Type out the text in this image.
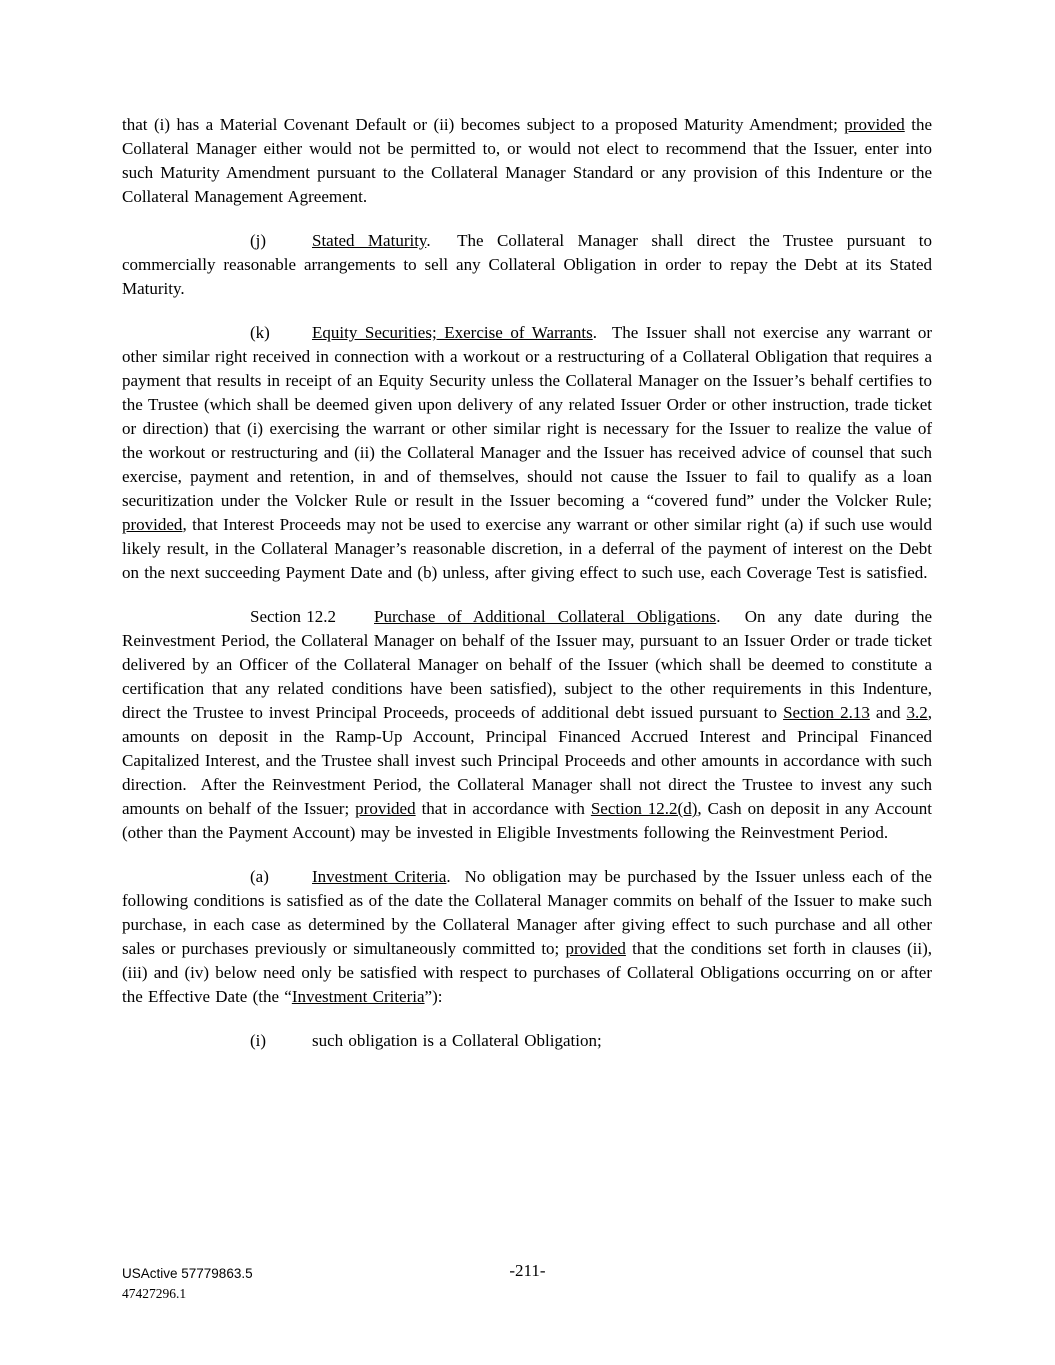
that (i) has a Material Covenant Default or (ii) becomes subject to a proposed Maturity Amendment; provided the Collateral Manager either would not be permitted to, or would not elect to recommend that the Issuer, enter into such Maturity Amendment pursuant to the Collateral Manager Standard or any provision of this Indenture or the Collateral Management Agreement.

(j)	Stated Maturity.  The Collateral Manager shall direct the Trustee pursuant to commercially reasonable arrangements to sell any Collateral Obligation in order to repay the Debt at its Stated Maturity.

(k) Equity Securities; Exercise of Warrants.  The Issuer shall not exercise any warrant or other similar right received in connection with a workout or a restructuring of a Collateral Obligation that requires a payment that results in receipt of an Equity Security unless the Collateral Manager on the Issuer’s behalf certifies to the Trustee (which shall be deemed given upon delivery of any related Issuer Order or other instruction, trade ticket or direction) that (i) exercising the warrant or other similar right is necessary for the Issuer to realize the value of the workout or restructuring and (ii) the Collateral Manager and the Issuer has received advice of counsel that such exercise, payment and retention, in and of themselves, should not cause the Issuer to fail to qualify as a loan securitization under the Volcker Rule or result in the Issuer becoming a “covered fund” under the Volcker Rule; provided, that Interest Proceeds may not be used to exercise any warrant or other similar right (a) if such use would likely result, in the Collateral Manager’s reasonable discretion, in a deferral of the payment of interest on the Debt on the next succeeding Payment Date and (b) unless, after giving effect to such use, each Coverage Test is satisfied.

Section 12.2 Purchase of Additional Collateral Obligations.  On any date during the Reinvestment Period, the Collateral Manager on behalf of the Issuer may, pursuant to an Issuer Order or trade ticket delivered by an Officer of the Collateral Manager on behalf of the Issuer (which shall be deemed to constitute a certification that any related conditions have been satisfied), subject to the other requirements in this Indenture, direct the Trustee to invest Principal Proceeds, proceeds of additional debt issued pursuant to Section 2.13 and 3.2, amounts on deposit in the Ramp-Up Account, Principal Financed Accrued Interest and Principal Financed Capitalized Interest, and the Trustee shall invest such Principal Proceeds and other amounts in accordance with such direction.  After the Reinvestment Period, the Collateral Manager shall not direct the Trustee to invest any such amounts on behalf of the Issuer; provided that in accordance with Section 12.2(d), Cash on deposit in any Account (other than the Payment Account) may be invested in Eligible Investments following the Reinvestment Period.

(a)	Investment Criteria.  No obligation may be purchased by the Issuer unless each of the following conditions is satisfied as of the date the Collateral Manager commits on behalf of the Issuer to make such purchase, in each case as determined by the Collateral Manager after giving effect to such purchase and all other sales or purchases previously or simultaneously committed to; provided that the conditions set forth in clauses (ii), (iii) and (iv) below need only be satisfied with respect to purchases of Collateral Obligations occurring on or after the Effective Date (the “Investment Criteria”):

(i)	such obligation is a Collateral Obligation;

USActive 57779863.5
47427296.1
-211-
